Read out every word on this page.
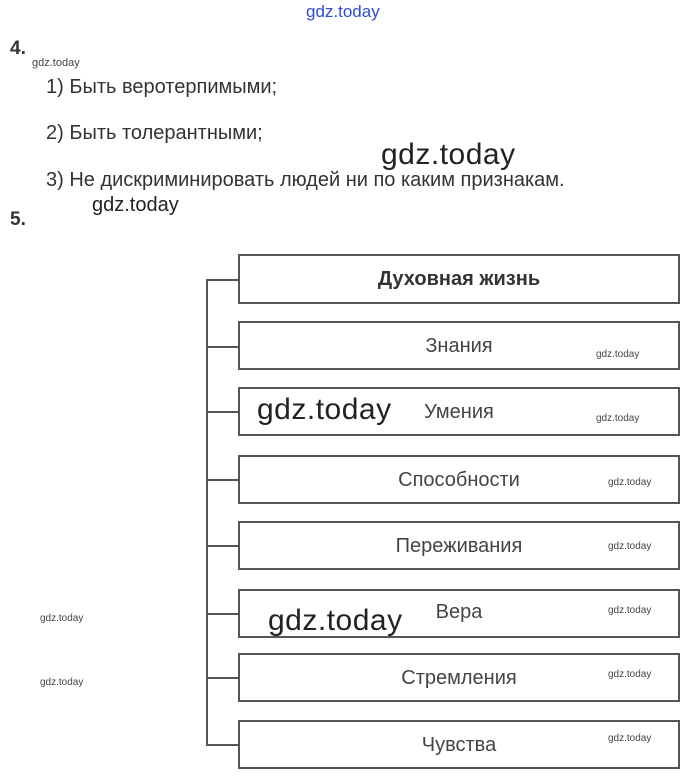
gdz.today
gdz.today
gdz.today
gdz.today
4.
1) Быть веротерпимыми;
2) Быть толерантными;
3) Не дискриминировать людей ни по каким признакам.
5.
Духовная жизнь
Знания
Умения
Способности
Переживания
Вера
Стремления
Чувства
gdz.today
gdz.today
gdz.today
gdz.today
gdz.today
gdz.today
gdz.today
gdz.today
gdz.today
gdz.today
gdz.today
